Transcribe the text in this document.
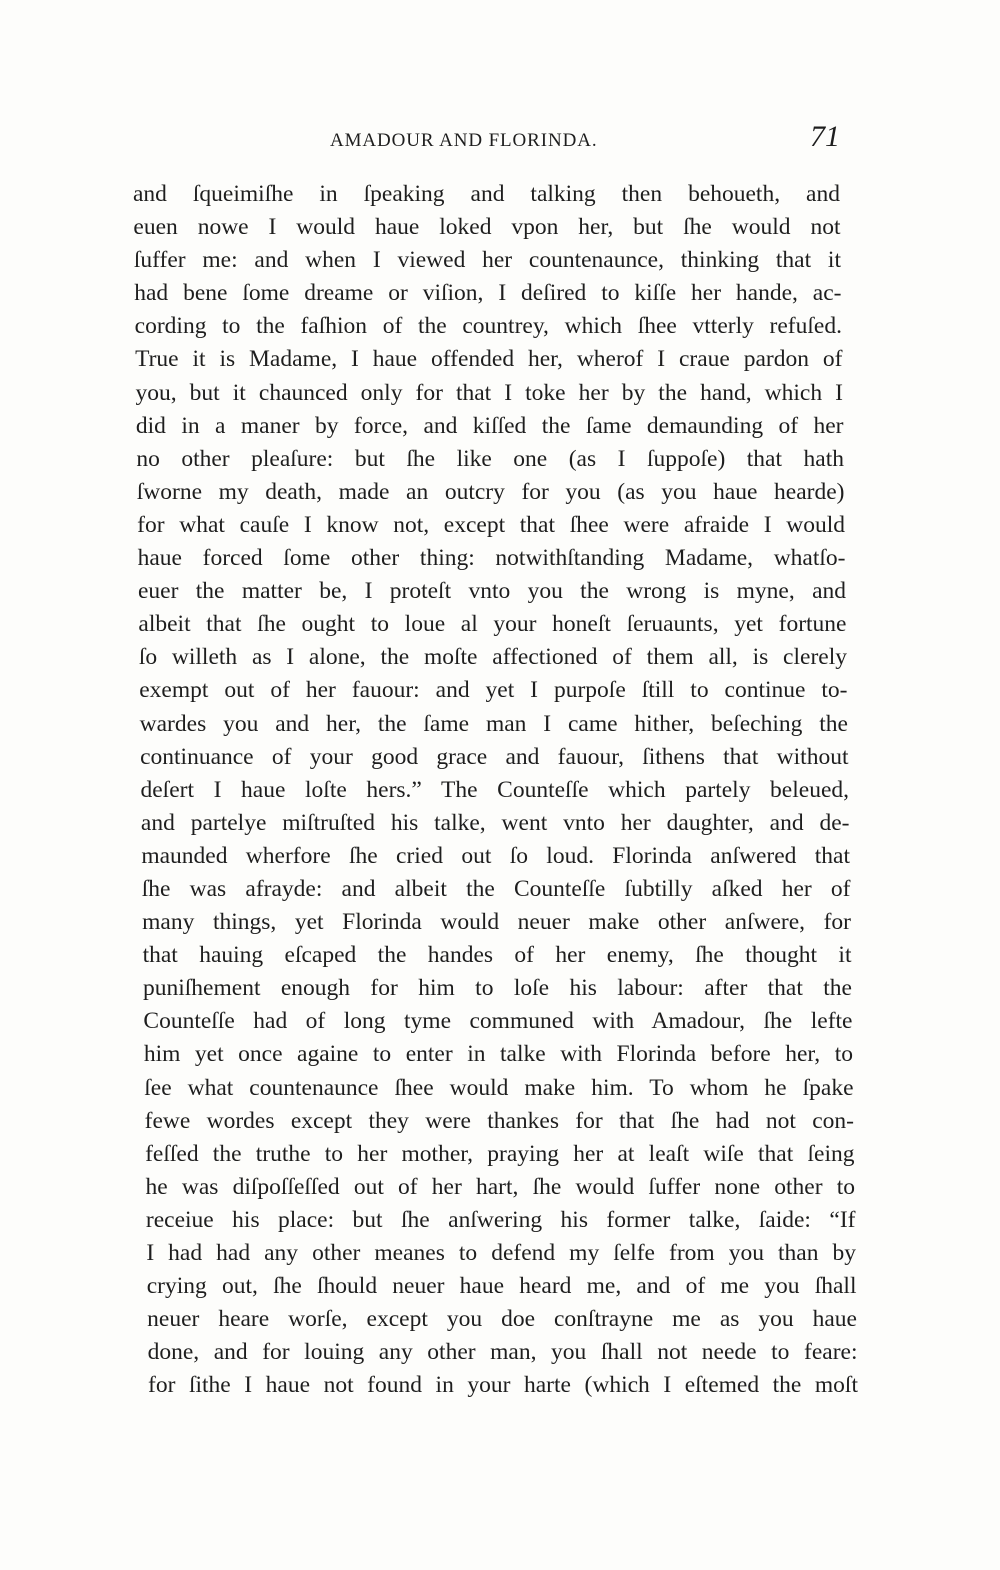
AMADOUR AND FLORINDA.	71
and ſqueimiſhe in ſpeaking and talking then behoueth, and
euen nowe I would haue loked vpon her, but ſhe would not
ſuffer me: and when I viewed her countenaunce, thinking that it
had bene ſome dreame or viſion, I deſired to kiſſe her hande, ac-
cording to the faſhion of the countrey, which ſhee vtterly refuſed.
True it is Madame, I haue offended her, wherof I craue pardon of
you, but it chaunced only for that I toke her by the hand, which I
did in a maner by force, and kiſſed the ſame demaunding of her
no other pleaſure: but ſhe like one (as I ſuppoſe) that hath
ſworne my death, made an outcry for you (as you haue hearde)
for what cauſe I know not, except that ſhee were afraide I would
haue forced ſome other thing: notwithſtanding Madame, whatſo-
euer the matter be, I proteſt vnto you the wrong is myne, and
albeit that ſhe ought to loue al your honeſt ſeruaunts, yet fortune
ſo willeth as I alone, the moſte affectioned of them all, is clerely
exempt out of her fauour: and yet I purpoſe ſtill to continue to-
wardes you and her, the ſame man I came hither, beſeching the
continuance of your good grace and fauour, ſithens that without
deſert I haue loſte hers.” The Counteſſe which partely beleued,
and partelye miſtruſted his talke, went vnto her daughter, and de-
maunded wherfore ſhe cried out ſo loud. Florinda anſwered that
ſhe was afrayde: and albeit the Counteſſe ſubtilly aſked her of
many things, yet Florinda would neuer make other anſwere, for
that hauing eſcaped the handes of her enemy, ſhe thought it
puniſhement enough for him to loſe his labour: after that the
Counteſſe had of long tyme communed with Amadour, ſhe lefte
him yet once againe to enter in talke with Florinda before her, to
ſee what countenaunce ſhee would make him. To whom he ſpake
fewe wordes except they were thankes for that ſhe had not con-
feſſed the truthe to her mother, praying her at leaſt wiſe that ſeing
he was diſpoſſeſſed out of her hart, ſhe would ſuffer none other to
receiue his place: but ſhe anſwering his former talke, ſaide: “If
I had had any other meanes to defend my ſelfe from you than by
crying out, ſhe ſhould neuer haue heard me, and of me you ſhall
neuer heare worſe, except you doe conſtrayne me as you haue
done, and for louing any other man, you ſhall not neede to feare:
for ſithe I haue not found in your harte (which I eſtemed the moſt
